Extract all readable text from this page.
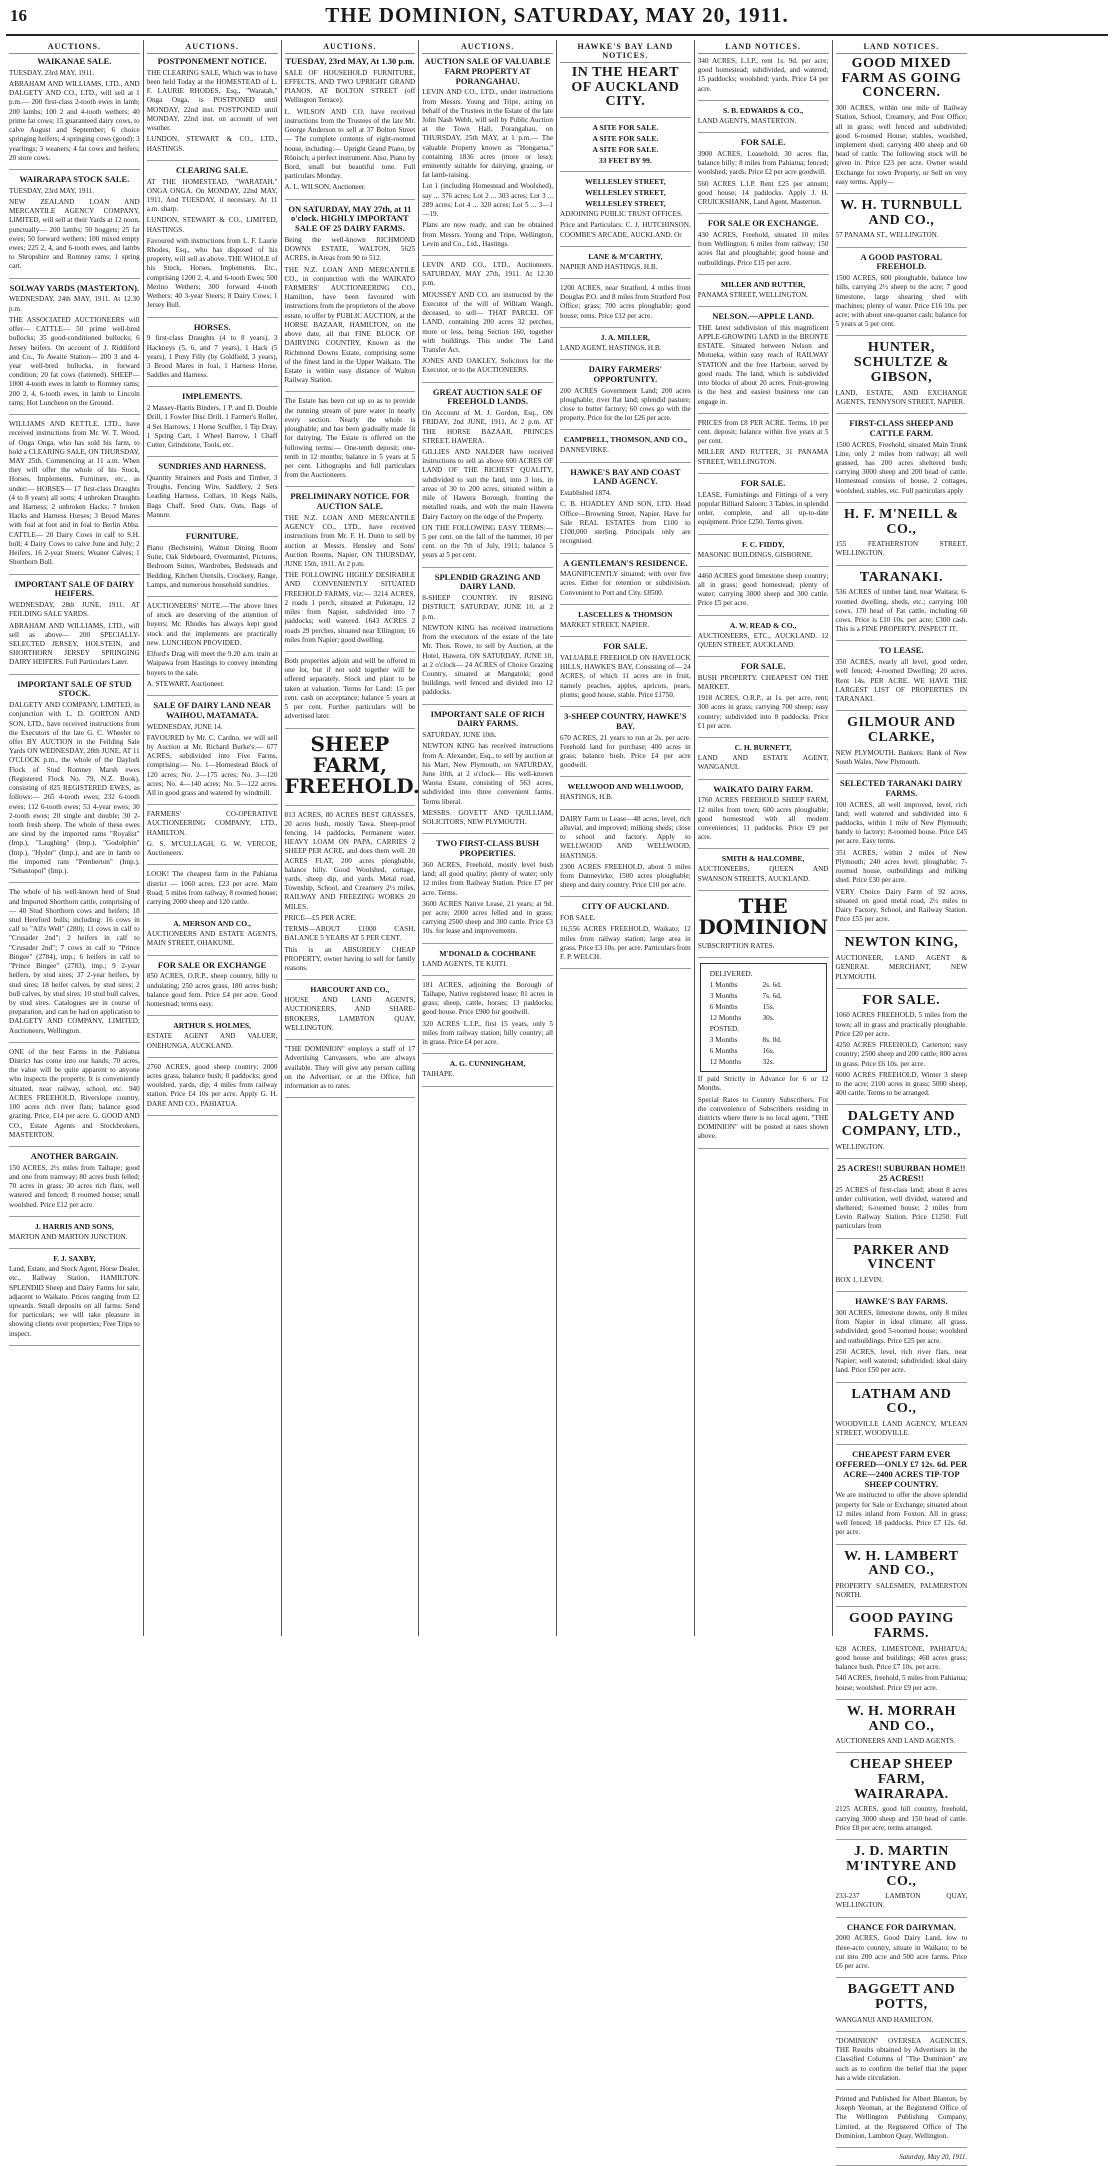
16	THE DOMINION, SATURDAY, MAY 20, 1911.
AUCTIONS.
WAIKANAE SALE.

TUESDAY, 23rd MAY, 1911.

ABRAHAM AND WILLIAMS, LTD., AND DALGETY AND CO., LTD., will sell at 1 p.m.— 200 first-class 2-tooth ewes in lamb; 200 lambs; 100 2 and 4-tooth wethers; 40 prime fat cows; 15 guaranteed dairy cows, to calve August and September; 6 choice springing heifers; 4 springing cows (good); 3 yearlings; 3 weaners; 4 fat cows and heifers; 20 store cows.

WAIRARAPA STOCK SALE.

TUESDAY, 23rd MAY, 1911.

NEW ZEALAND LOAN AND MERCANTILE AGENCY COMPANY, LIMITED, will sell at their Yards at 12 noon, punctually— 200 lambs; 50 hoggets; 25 fat ewes; 50 forward wethers; 100 mixed empty ewes; 225 2, 4, and 6-tooth ewes, and lambs to Shropshire and Romney rams; 1 spring cart.

SOLWAY YARDS (MASTERTON).

WEDNESDAY, 24th MAY, 1911. At 12.30 p.m.

THE ASSOCIATED AUCTIONEERS will offer— CATTLE— 50 prime well-bred bullocks; 35 good-conditioned bullocks; 6 Jersey heifers. On account of J. Riddiford and Co., Te Awaite Station— 200 3 and 4-year well-bred bullocks, in forward condition; 20 fat cows (fattened). SHEEP— 1000 4-tooth ewes in lamb to Romney rams; 200 2, 4, 6-tooth ewes, in lamb to Lincoln rams; Hot Luncheon on the Ground.

WILLIAMS AND KETTLE, LTD., have received instructions from Mr. W. T. Wood, of Onga Onga, who has sold his farm, to hold a CLEARING SALE, ON THURSDAY, MAY 25th. Commencing at 11 a.m. When they will offer the whole of his Stock, Horses, Implements, Furniture, etc., as under:— HORSES— 17 first-class Draughts (4 to 8 years) all sorts; 4 unbroken Draughts and Harness; 2 unbroken Hacks; 7 broken Hacks and Harness Horses; 3 Brood Mares with foal at foot and in foal to Berlin Abba. CATTLE— 20 Dairy Cows in calf to S.H. bull; 4 Dairy Cows to calve June and July; 2 Heifers, 16 2-year Steers; Weaner Calves; 1 Shorthorn Bull.

IMPORTANT SALE OF DAIRY HEIFERS.

WEDNESDAY, 28th JUNE, 1911. AT FEILDING SALE YARDS.

ABRAHAM AND WILLIAMS, LTD., will sell as above— 200 SPECIALLY-SELECTED JERSEY, HOLSTEIN, and SHORTHORN JERSEY SPRINGING DAIRY HEIFERS. Full Particulars Later.

IMPORTANT SALE OF STUD STOCK.

DALGETY AND COMPANY, LIMITED, in conjunction with L. D. GORTON AND SON, LTD., have received instructions from the Executors of the late G. C. Wheeler to offer BY AUCTION in the Feilding Sale Yards ON WEDNESDAY, 28th JUNE, AT 11 O'CLOCK p.m., the whole of the Daylodi Flock of Stud Romney Marsh ewes (Registered Flock No. 79, N.Z. Book), consisting of 825 REGISTERED EWES, as follows:— 265 4-tooth ewes; 232 6-tooth ewes; 112 6-tooth ewes; 53 4-year ewes; 30 2-tooth ewes; 20 single and double; 30 2-tooth fresh sheep. The whole of these ewes are sired by the imported rams "Royalist" (Imp.), "Laughing" (Imp.), "Godolphin" (Imp.), "Hyder" (Imp.), and are in lamb to the imported ram "Pemberton" (Imp.), "Sebastopol" (Imp.).

The whole of his well-known herd of Stud and Imported Shorthorn cattle, comprising of— 40 Stud Shorthorn cows and heifers; 18 stud Hereford bulls; including: 16 cows in calf to "All's Well" (280); 11 cows in calf to "Crusader 2nd"; 2 heifers in calf to "Crusader 2nd"; 7 cows in calf to "Prince Bingee" (2784), imp.; 6 heifers in calf to "Prince Bingee" (2783), imp.; 9 2-year heifers, by stud sires; 37 2-year heifers, by stud sires; 18 heifer calves, by stud sires; 2 bull calves, by stud sires; 10 stud bull calves, by stud sires. Catalogues are in course of preparation, and can be had on application to DALGETY AND COMPANY, LIMITED, Auctioneers, Wellington.

ONE of the best Farms in the Pahiatua District has come into our hands; 70 acres, the value will be quite apparent to anyone who inspects the property. It is conveniently situated, near railway, school, etc. 940 ACRES FREEHOLD, Riverslope country, 100 acres rich river flats; balance good grazing. Price, £14 per acre. G. GOOD AND CO., Estate Agents and Stockbrokers, MASTERTON.

ANOTHER BARGAIN.

150 ACRES, 2½ miles from Taihape; good and one from tramway; 80 acres bush felled; 70 acres in grass; 30 acres rich flats, well watered and fenced; 8 roomed house; small woolshed. Price £12 per acre.

J. HARRIS AND SONS,

MARTON AND MARTON JUNCTION.

F. J. SAXBY,

Land, Estate, and Stock Agent, Horse Dealer, etc., Railway Station, HAMILTON. SPLENDID Sheep and Dairy Farms for sale, adjacent to Waikato. Prices ranging from £2 upwards. Small deposits on all farms. Send for particulars; we will take pleasure in showing clients over properties; Free Trips to inspect.

AUCTIONS.
POSTPONEMENT NOTICE.

THE CLEARING SALE, Which was to have been held Today at the HOMESTEAD of L. F. LAURIE RHODES, Esq., "Waratah," Onga Onga, is POSTPONED until MONDAY, 22nd inst. POSTPONED until MONDAY, 22nd inst. on account of wet weather.

LUNDON, STEWART & CO., LTD., HASTINGS.

CLEARING SALE.

AT THE HOMESTEAD, "WARATAH," ONGA ONGA. On MONDAY, 22nd MAY, 1911, And TUESDAY, if necessary. At 11 a.m. sharp.

LUNDON, STEWART & CO., LIMITED, HASTINGS.

Favoured with instructions from L. F. Laurie Rhodes, Esq., who has disposed of his property, will sell as above. THE WHOLE of his Stock, Horses, Implements, Etc., comprising 1200 2, 4, and 6-tooth Ewes; 500 Merino Wethers; 300 forward 4-tooth Wethers; 40 3-year Steers; 8 Dairy Cows; 1 Jersey Bull.

HORSES.

9 first-class Draughts (4 to 8 years), 3 Hackneys (5, 6, and 7 years), 1 Hack (5 years), 1 Pony Filly (by Goldfield, 3 years), 3 Brood Mares in foal, 1 Harness Horse, Saddles and Harness.

IMPLEMENTS.

2 Massey-Harris Binders, 1 P. and D. Double Drill, 1 Fowler Disc Drill, 1 Farmer's Roller, 4 Set Harrows, 1 Horse Scuffler, 1 Tip Dray, 1 Spring Cart, 1 Wheel Barrow, 1 Chaff Cutter, Grindstone, Tools, etc.

SUNDRIES AND HARNESS.

Quantity Strainers and Posts and Timber, 3 Troughs, Fencing Wire, Saddlery, 2 Sets Leading Harness, Collars, 10 Kegs Nails, Bags Chaff, Seed Oats, Oats, Bags of Manure.

FURNITURE.

Piano (Bechstein), Walnut Dining Room Suite, Oak Sideboard, Overmantel, Pictures, Bedroom Suites, Wardrobes, Bedsteads and Bedding, Kitchen Utensils, Crockery, Range, Lamps, and numerous household sundries.

AUCTIONEERS' NOTE.—The above lines of stock are deserving of the attention of buyers; Mr. Rhodes has always kept good stock and the implements are practically new. LUNCHEON PROVIDED.

Elford's Drag will meet the 9.20 a.m. train at Waipawa from Hastings to convey intending buyers to the sale.

A. STEWART, Auctioneer.

SALE OF DAIRY LAND NEAR WAIHOU, MATAMATA.

WEDNESDAY, JUNE 14.

FAVOURED by Mr. C. Cardno, we will sell by Auction at Mr. Richard Burke's:— 677 ACRES, subdivided into Five Farms, comprising:— No. 1—Homestead Block of 120 acres; No. 2—175 acres; No. 3—120 acres; No. 4—140 acres; No. 5—122 acres. All in good grass and watered by windmill.

FARMERS' CO-OPERATIVE AUCTIONEERING COMPANY, LTD., HAMILTON.

G. S. M'CULLAGH, G. W. VERCOE, Auctioneers.

LOOK! The cheapest farm in the Pahiatua district — 1060 acres, £23 per acre. Main Road, 5 miles from railway, 8 roomed house; carrying 2000 sheep and 120 cattle.

A. MERSON AND CO.,

AUCTIONEERS AND ESTATE AGENTS, MAIN STREET, OHAKUNE.

FOR SALE OR EXCHANGE

850 ACRES, O.R.P., sheep country, hilly to undulating; 250 acres grass, 180 acres bush; balance good fern. Price £4 per acre. Good homestead; terms easy.

ARTHUR S. HOLMES,

ESTATE AGENT AND VALUER, ONEHUNGA, AUCKLAND.

2760 ACRES, good sheep country; 2000 acres grass, balance bush; 8 paddocks; good woolshed, yards, dip; 4 miles from railway station. Price £4 10s per acre. Apply G. H. DARE AND CO., PAHIATUA.

AUCTIONS.
TUESDAY, 23rd MAY, At 1.30 p.m.

SALE OF HOUSEHOLD FURNITURE, EFFECTS, AND TWO UPRIGHT GRAND PIANOS, AT BOLTON STREET (off Wellington Terrace).

L. WILSON AND CO. have received instructions from the Trustees of the late Mr. George Anderson to sell at 37 Bolton Street— The complete contents of eight-roomed house, including:— Upright Grand Piano, by Rönisch; a perfect instrument. Also, Piano by Bord, small but beautiful tone. Full particulars Monday.

A. L. WILSON, Auctioneer.

ON SATURDAY, MAY 27th, at 11 o'clock. HIGHLY IMPORTANT SALE OF 25 DAIRY FARMS.

Being the well-known RICHMOND DOWNS ESTATE, WALTON, 5625 ACRES, in Areas from 90 to 512.

THE N.Z. LOAN AND MERCANTILE CO., in conjunction with the WAIKATO FARMERS' AUCTIONEERING CO., Hamilton, have been favoured with instructions from the proprietors of the above estate, to offer by PUBLIC AUCTION, at the HORSE BAZAAR, HAMILTON, on the above date, all that FINE BLOCK OF DAIRYING COUNTRY, Known as the Richmond Downs Estate, comprising some of the finest land in the Upper Waikato. The Estate is within easy distance of Walton Railway Station.

The Estate has been cut up so as to provide the running stream of pure water in nearly every section. Nearly the whole is ploughable; and has been gradually made fit for dairying. The Estate is offered on the following terms:— One-tenth deposit; one-tenth in 12 months; balance in 5 years at 5 per cent. Lithographs and full particulars from the Auctioneers.

PRELIMINARY NOTICE. FOR AUCTION SALE.

THE N.Z. LOAN AND MERCANTILE AGENCY CO., LTD., have received instructions from Mr. F. H. Dunn to sell by auction at Messrs. Hensley and Sons' Auction Rooms, Napier, ON THURSDAY, JUNE 15th, 1911. At 2 p.m.

THE FOLLOWING HIGHLY DESIRABLE AND CONVENIENTLY SITUATED FREEHOLD FARMS, viz:— 3214 ACRES, 2 roads 1 perch, situated at Puketapu, 12 miles from Napier, subdivided into 7 paddocks; well watered. 1643 ACRES 2 roads 29 perches, situated near Ellington; 16 miles from Napier; good dwelling.

Both properties adjoin and will be offered in one lot, but if not sold together will be offered separately. Stock and plant to be taken at valuation. Terms for Land: 15 per cent. cash on acceptance; balance 5 years at 5 per cent. Further particulars will be advertised later.

SHEEP FARM, FREEHOLD.

813 ACRES, 80 ACRES BEST GRASSES, 20 acres bush, mostly Tawa. Sheep-proof fencing, 14 paddocks, Permanent water. HEAVY LOAM ON PAPA, CARRIES 2 SHEEP PER ACRE, and does them well. 20 ACRES FLAT, 200 acres ploughable, balance hilly. Good Woolshed, cottage, yards, sheep dip, and yards. Metal road, Township, School, and Creamery 2½ miles, RAILWAY AND FREEZING WORKS 20 MILES.

PRICE—£5 PER ACRE.

TERMS—ABOUT £1000 CASH, BALANCE 5 YEARS AT 5 PER CENT.

This is an ABSURDLY CHEAP PROPERTY, owner having to sell for family reasons.

HARCOURT AND CO.,

HOUSE AND LAND AGENTS, AUCTIONEERS, AND SHARE-BROKERS, LAMBTON QUAY, WELLINGTON.

"THE DOMINION" employs a staff of 17 Advertising Canvassers, who are always available. They will give any person calling on the Advertiser, or at the Office, full information as to rates.

AUCTIONS.
AUCTION SALE OF VALUABLE FARM PROPERTY AT PORANGAHAU.

LEVIN AND CO., LTD., under instructions from Messrs. Young and Tripe, acting on behalf of the Trustees in the Estate of the late John Nash Webb, will sell by Public Auction at the Town Hall, Porangahau, on THURSDAY, 25th MAY, at 1 p.m.— The valuable Property known as "Hongarua," containing 1836 acres (more or less); eminently suitable for dairying, grazing, or fat lamb-raising.

Lot 1 (including Homestead and Woolshed), say ... 376 acres; Lot 2 ... 303 acres; Lot 3 ... 289 acres; Lot 4 ... 320 acres; Lot 5 ... 3—1—19.

Plans are now ready, and can be obtained from Messrs. Young and Tripe, Wellington, Levin and Co., Ltd., Hastings.

LEVIN AND CO., LTD., Auctioneers. SATURDAY, MAY 27th, 1911. At 12.30 p.m.

MOUSSEY AND CO. are instructed by the Executor of the will of William Waugh, deceased, to sell— THAT PARCEL OF LAND, containing 200 acres 32 perches, more or less, being Section 160, together with buildings. This under The Land Transfer Act.

JONES AND OAKLEY, Solicitors for the Executor, or to the AUCTIONEERS.

GREAT AUCTION SALE OF FREEHOLD LANDS.

On Account of M. J. Gordon, Esq., ON FRIDAY, 2nd JUNE, 1911, At 2 p.m. AT THE HORSE BAZAAR, PRINCES STREET, HAWERA.

GILLIES AND NALDER have received instructions to sell as above 600 ACRES OF LAND OF THE RICHEST QUALITY, subdivided to suit the land, into 3 lots, in areas of 30 to 200 acres, situated within a mile of Hawera Borough, fronting the metalled roads, and with the main Hawera Dairy Factory on the edge of the Property.

ON THE FOLLOWING EASY TERMS:— 5 per cent. on the fall of the hammer, 10 per cent. on the 7th of July, 1911; balance 5 years at 5 per cent.

SPLENDID GRAZING AND DAIRY LAND.

8-SHEEP COUNTRY. IN RISING DISTRICT. SATURDAY, JUNE 10, at 2 p.m.

NEWTON KING has received instructions from the executors of the estate of the late Mr. Thos. Rowe, to sell by Auction, at the Hotel, Hawera, ON SATURDAY, JUNE 10, at 2 o'clock— 24 ACRES of Choice Grazing Country, situated at Mangatoki; good buildings, well fenced and divided into 12 paddocks.

IMPORTANT SALE OF RICH DAIRY FARMS.

SATURDAY, JUNE 10th.

NEWTON KING has received instructions from A. Alexander, Esq., to sell by auction at his Mart, New Plymouth, on SATURDAY, June 10th, at 2 o'clock— His well-known Waona Estate, consisting of 563 acres, subdivided into three convenient farms. Terms liberal.

MESSRS. GOVETT AND QUILLIAM, SOLICITORS, NEW PLYMOUTH.

TWO FIRST-CLASS BUSH PROPERTIES.

360 ACRES, Freehold, mostly level bush land; all good quality; plenty of water; only 12 miles from Railway Station. Price £7 per acre. Terms.

3600 ACRES Native Lease, 21 years; at 9d. per acre; 2000 acres felled and in grass; carrying 2500 sheep and 300 cattle. Price £3 10s. for lease and improvements.

M'DONALD & COCHRANE

LAND AGENTS, TE KUITI.

181 ACRES, adjoining the Borough of Taihape, Native registered lease; 81 acres in grass; sheep, cattle, horses; 13 paddocks; good house. Price £900 for goodwill.

320 ACRES L.I.P., first 15 years, only 5 miles from railway station; hilly country; all in grass. Price £4 per acre.

A. G. CUNNINGHAM,

TAIHAPE.

HAWKE'S BAY LAND NOTICES.
IN THE HEART OF AUCKLAND CITY.
A SITE FOR SALE.
A SITE FOR SALE.
A SITE FOR SALE.
33 FEET BY 99.
WELLESLEY STREET,
WELLESLEY STREET,
WELLESLEY STREET,

ADJOINING PUBLIC TRUST OFFICES.

Price and Particulars: C. J. HUTCHINSON, COOMBE'S ARCADE, AUCKLAND. Or

LANE & M'CARTHY,

NAPIER AND HASTINGS, H.B.

1200 ACRES, near Stratford, 4 miles from Douglas P.O. and 8 miles from Stratford Post Office; grass; 700 acres ploughable; good house; rents. Price £12 per acre.

J. A. MILLER,

LAND AGENT, HASTINGS, H.B.

DAIRY FARMERS' OPPORTUNITY.

200 ACRES Government Land; 200 acres ploughable; river flat land; splendid pasture; close to butter factory; 60 cows go with the property. Price for the lot £26 per acre.

CAMPBELL, THOMSON, AND CO.,

DANNEVIRKE.

HAWKE'S BAY AND COAST LAND AGENCY.

Established 1874.

C. B. HOADLEY AND SON, LTD. Head Office—Browning Street, Napier. Have for Sale REAL ESTATES from £100 to £100,000 sterling. Principals only are recognised.

A GENTLEMAN'S RESIDENCE.

MAGNIFICENTLY situated; with over five acres. Either for retention or subdivision. Convenient to Port and City. £8500.

LASCELLES & THOMSON

MARKET STREET, NAPIER.

FOR SALE.

VALUABLE FREEHOLD ON HAVELOCK HILLS, HAWKE'S BAY, Consisting of— 24 ACRES, of which 11 acres are in fruit, namely peaches, apples, apricots, pears, plums; good house, stable. Price £1750.

3-SHEEP COUNTRY, HAWKE'S BAY.

670 ACRES, 21 years to run at 2s. per acre. Freehold land for purchase; 400 acres in grass; balance bush. Price £4 per acre goodwill.

WELLWOOD AND WELLWOOD,

HASTINGS, H.B.

DAIRY Farm to Lease—48 acres, level, rich alluvial, and improved; milking sheds; close to school and factory. Apply to WELLWOOD AND WELLWOOD, HASTINGS.

2300 ACRES FREEHOLD, about 5 miles from Dannevirke; 1500 acres ploughable; sheep and dairy country. Price £10 per acre.

CITY OF AUCKLAND.

FOR SALE.

16,556 ACRES FREEHOLD, Waikato; 12 miles from railway station; large area in grass. Price £3 10s. per acre. Particulars from F. P. WELCH.

LAND NOTICES.

340 ACRES, L.I.P., rent 1s. 9d. per acre; good homestead; subdivided, and watered; 15 paddocks; woolshed; yards. Price £4 per acre.

S. B. EDWARDS & CO.,

LAND AGENTS, MASTERTON.

FOR SALE.

3900 ACRES, Leasehold; 30 acres flat, balance hilly; 8 miles from Pahiatua; fenced; woolshed; yards. Price £2 per acre goodwill.

560 ACRES L.I.P. Rent £25 per annum; good house; 14 paddocks. Apply J. H. CRUICKSHANK, Land Agent, Masterton.

FOR SALE OR EXCHANGE.

430 ACRES, Freehold, situated 10 miles from Wellington; 6 miles from railway; 150 acres flat and ploughable; good house and outbuildings. Price £15 per acre.

MILLER AND RUTTER,

PANAMA STREET, WELLINGTON.

NELSON.—APPLE LAND.

THE latest subdivision of this magnificent APPLE-GROWING LAND in the BRONTE ESTATE. Situated between Nelson and Motueka, within easy reach of RAILWAY STATION and the free Harbour, served by good roads. The land, which is subdivided into blocks of about 20 acres. Fruit-growing is the best and easiest business one can engage in.

PRICES from £8 PER ACRE. Terms, 10 per cent. deposit; balance within five years at 5 per cent.

MILLER AND RUTTER, 31 PANAMA STREET, WELLINGTON.

FOR SALE.

LEASE, Furnishings and Fittings of a very popular Billiard Saloon; 3 Tables, in splendid order, complete, and all up-to-date equipment. Price £250. Terms given.

F. C. FIDDY,

MASONIC BUILDINGS, GISBORNE.

4460 ACRES good limestone sheep country; all in grass; good homestead; plenty of water; carrying 3000 sheep and 300 cattle. Price £5 per acre.

A. W. READ & CO.,

AUCTIONEERS, ETC., AUCKLAND. 12 QUEEN STREET, AUCKLAND.

FOR SALE.

BUSH PROPERTY. CHEAPEST ON THE MARKET.

1918 ACRES, O.R.P., at 1s. per acre, rent; 300 acres in grass; carrying 700 sheep; easy country; subdivided into 8 paddocks. Price £1 per acre.

C. H. BURNETT,

LAND AND ESTATE AGENT, WANGANUI.

WAIKATO DAIRY FARM.

1760 ACRES FREEHOLD SHEEP FARM, 12 miles from town; 600 acres ploughable; good homestead with all modern conveniences; 11 paddocks. Price £9 per acre.

SMITH & HALCOMBE,

AUCTIONEERS, QUEEN AND SWANSON STREETS, AUCKLAND.

THE DOMINION

SUBSCRIPTION RATES.

DELIVERED.	
1 Months	2s. 6d.
3 Months	7s. 6d.
6 Months	15s.
12 Months	30s.
POSTED.	
3 Months	8s. 0d.
6 Months	16s.
12 Months	32s.

If paid Strictly in Advance for 6 or 12 Months.

Special Rates to Country Subscribers. For the convenience of Subscribers residing in districts where there is no local agent, "THE DOMINION" will be posted at rates shown above.

LAND NOTICES.
GOOD MIXED FARM AS GOING CONCERN.

300 ACRES, within one mile of Railway Station, School, Creamery, and Post Office; all in grass; well fenced and subdivided; good 6-roomed House; stables, woolshed, implement shed; carrying 400 sheep and 60 head of cattle. The following stock will be given in. Price £23 per acre. Owner would Exchange for town Property, or Sell on very easy terms. Apply—

W. H. TURNBULL AND CO.,

57 PANAMA ST., WELLINGTON.

A GOOD PASTORAL FREEHOLD.

1500 ACRES, 600 ploughable, balance low hills, carrying 2½ sheep to the acre; 7 good limestone, large shearing shed with machines; plenty of water. Price £16 10s. per acre; with about one-quarter cash; balance for 5 years at 5 per cent.

HUNTER, SCHULTZE & GIBSON,

LAND, ESTATE, AND EXCHANGE AGENTS, TENNYSON STREET, NAPIER.

FIRST-CLASS SHEEP AND CATTLE FARM.

1500 ACRES, Freehold, situated Main Trunk Line, only 2 miles from railway; all well grassed, has 200 acres sheltered bush; carrying 3000 sheep and 200 head of cattle. Homestead consists of house, 2 cottages, woolshed, stables, etc. Full particulars apply

H. F. M'NEILL & CO.,

155 FEATHERSTON STREET, WELLINGTON.

TARANAKI.

536 ACRES of timber land, near Waitara; 6-roomed dwelling, sheds, etc.; carrying 100 cows, 170 head of Fat cattle, including 60 cows. Price is £10 10s. per acre; £300 cash. This is a FINE PROPERTY. INSPECT IT.

TO LEASE.

350 ACRES, nearly all level, good order, well fenced; 4-roomed Dwelling; 20 acres. Rent 14s. PER ACRE. WE HAVE THE LARGEST LIST OF PROPERTIES IN TARANAKI.

GILMOUR AND CLARKE,

NEW PLYMOUTH. Bankers: Bank of New South Wales, New Plymouth.

SELECTED TARANAKI DAIRY FARMS.

100 ACRES, all well improved, level, rich land; well watered and subdivided into 6 paddocks, within 1 mile of New Plymouth; handy to factory; 8-roomed house. Price £45 per acre. Easy terms.

351 ACRES, within 2 miles of New Plymouth; 240 acres level; ploughable; 7-roomed house, outbuildings and milking shed. Price £30 per acre.

VERY Choice Dairy Farm of 92 acres, situated on good metal road, 2½ miles to Dairy Factory, School, and Railway Station. Price £55 per acre.

NEWTON KING,

AUCTIONEER, LAND AGENT & GENERAL MERCHANT, NEW PLYMOUTH.

FOR SALE.

1060 ACRES FREEHOLD, 5 miles from the town; all in grass and practically ploughable. Price £20 per acre.

4250 ACRES FREEHOLD, Carterton; easy country; 2500 sheep and 200 cattle; 800 acres in grass. Price £6 10s. per acre.

6000 ACRES FREEHOLD, Winter 3 sheep to the acre; 2100 acres in grass; 5000 sheep, 400 cattle. Terms to be arranged.

DALGETY AND COMPANY, LTD.,

WELLINGTON.

25 ACRES!! SUBURBAN HOME!! 25 ACRES!!

25 ACRES of first-class land; about 8 acres under cultivation, well divided, watered and sheltered; 6-roomed house; 2 miles from Levin Railway Station. Price £1250. Full particulars from

PARKER AND VINCENT

BOX 1, LEVIN.

HAWKE'S BAY FARMS.

300 ACRES, limestone downs, only 8 miles from Napier in ideal climate; all grass, subdivided; good 5-roomed house; woolshed and outbuildings. Price £25 per acre.

250 ACRES, level, rich river flats, near Napier; well watered; subdivided; ideal dairy land. Price £50 per acre.

LATHAM AND CO.,

WOODVILLE LAND AGENCY, M'LEAN STREET, WOODVILLE.

CHEAPEST FARM EVER OFFERED—ONLY £7 12s. 6d. PER ACRE—2400 ACRES TIP-TOP SHEEP COUNTRY.

We are instructed to offer the above splendid property for Sale or Exchange; situated about 12 miles inland from Foxton. All in grass; well fenced; 18 paddocks. Price £7 12s. 6d. per acre.

W. H. LAMBERT AND CO.,

PROPERTY SALESMEN, PALMERSTON NORTH.

GOOD PAYING FARMS.

628 ACRES, LIMESTONE, PAHIATUA; good house and buildings; 468 acres grass; balance bush. Price £7 10s. per acre.

540 ACRES, freehold, 5 miles from Pahiatua; house; woolshed. Price £9 per acre.

W. H. MORRAH AND CO.,

AUCTIONEERS AND LAND AGENTS.

CHEAP SHEEP FARM, WAIRARAPA.

2125 ACRES, good hill country, freehold, carrying 3000 sheep and 150 head of cattle. Price £8 per acre; terms arranged.

J. D. MARTIN M'INTYRE AND CO.,

233-237 LAMBTON QUAY, WELLINGTON.

CHANCE FOR DAIRYMAN.

2000 ACRES, Good Dairy Land, low to three-acre country, situate in Waikato; to be cut into 200 acre and 500 acre farms. Price £6 per acre.

BAGGETT AND POTTS,

WANGANUI AND HAMILTON.

"DOMINION" OVERSEA AGENCIES. THE Results obtained by Advertisers in the Classified Columns of "The Dominion" are such as to confirm the belief that the paper has a wide circulation.

Printed and Published for Albert Blanton, by Joseph Yeoman, at the Registered Office of The Wellington Publishing Company, Limited, at the Registered Office of The Dominion, Lambton Quay, Wellington.

Saturday, May 20, 1911.
